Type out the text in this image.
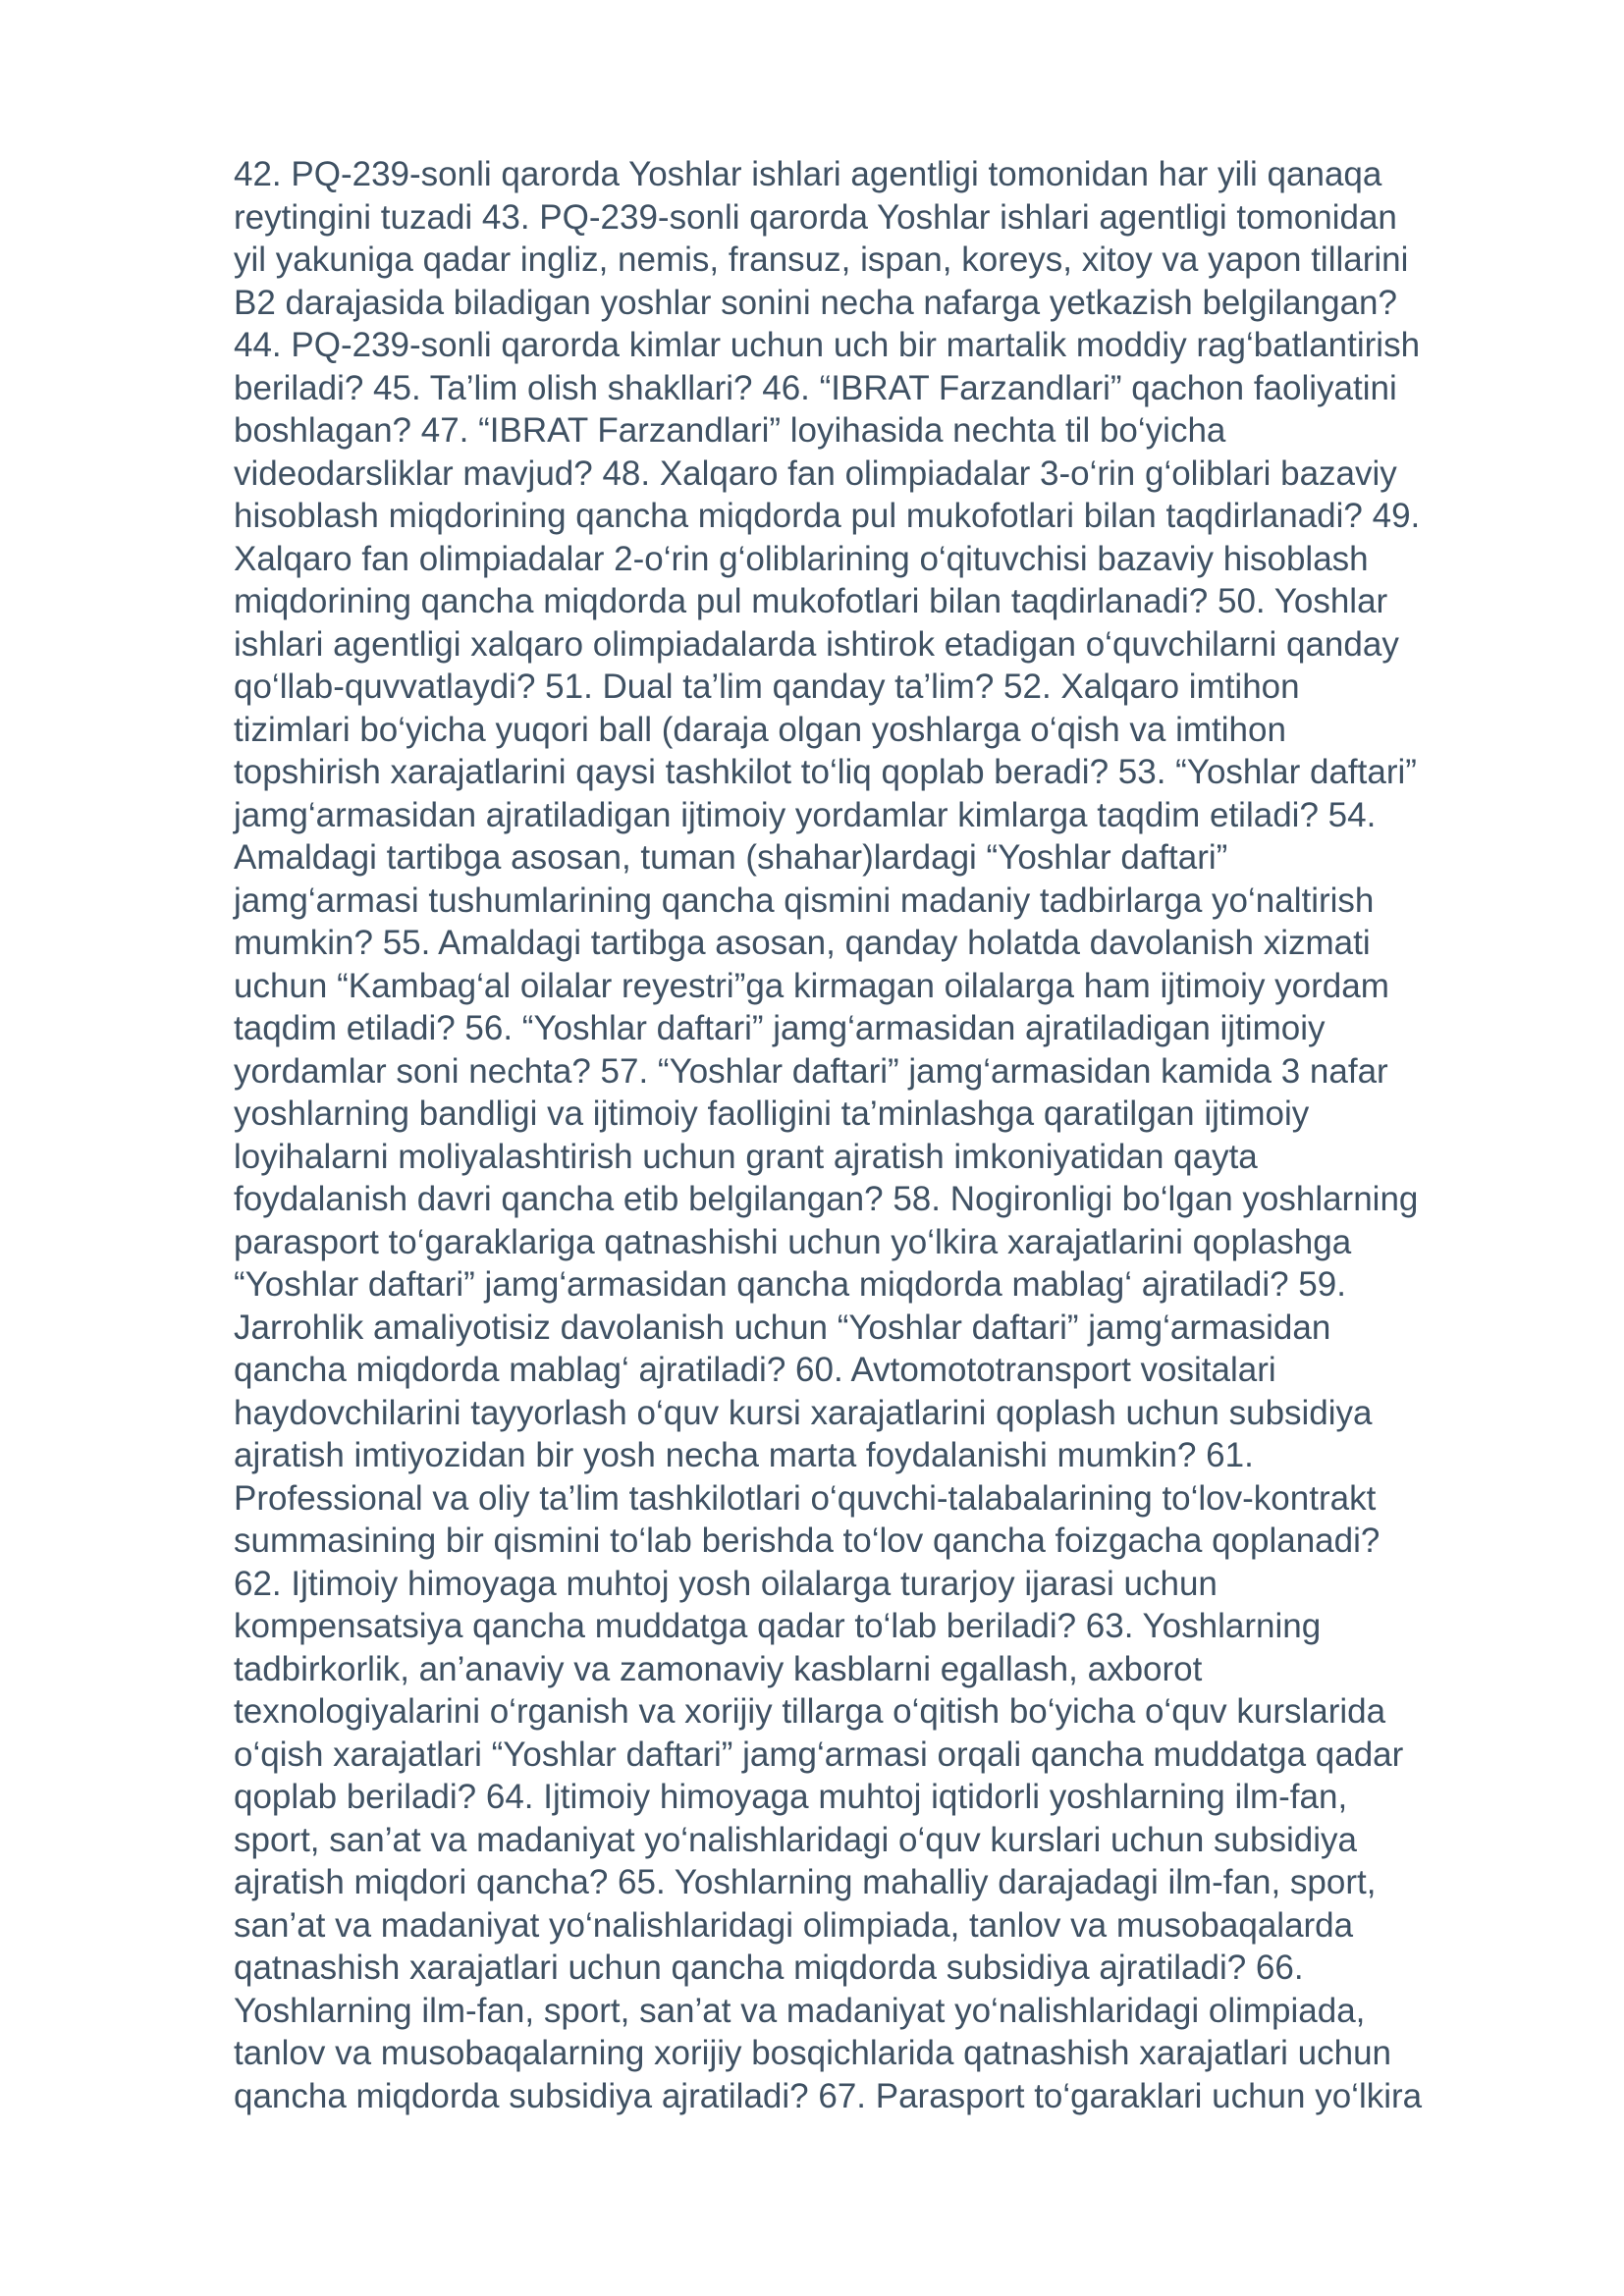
42. PQ-239-sonli qarorda Yoshlar ishlari agentligi tomonidan har yili qanaqa
reytingini tuzadi 43. PQ-239-sonli qarorda Yoshlar ishlari agentligi tomonidan
yil yakuniga qadar ingliz, nemis, fransuz, ispan, koreys, xitoy va yapon tillarini
B2 darajasida biladigan yoshlar sonini necha nafarga yetkazish belgilangan?
44. PQ-239-sonli qarorda kimlar uchun uch bir martalik moddiy rag‘batlantirish
beriladi? 45. Ta’lim olish shakllari? 46. “IBRAT Farzandlari” qachon faoliyatini
boshlagan? 47. “IBRAT Farzandlari” loyihasida nechta til bo‘yicha
videodarsliklar mavjud? 48. Xalqaro fan olimpiadalar 3-o‘rin g‘oliblari bazaviy
hisoblash miqdorining qancha miqdorda pul mukofotlari bilan taqdirlanadi? 49.
Xalqaro fan olimpiadalar 2-o‘rin g‘oliblarining o‘qituvchisi bazaviy hisoblash
miqdorining qancha miqdorda pul mukofotlari bilan taqdirlanadi? 50. Yoshlar
ishlari agentligi xalqaro olimpiadalarda ishtirok etadigan o‘quvchilarni qanday
qo‘llab-quvvatlaydi? 51. Dual ta’lim qanday ta’lim? 52. Xalqaro imtihon
tizimlari bo‘yicha yuqori ball (daraja olgan yoshlarga o‘qish va imtihon
topshirish xarajatlarini qaysi tashkilot to‘liq qoplab beradi? 53. “Yoshlar daftari”
jamg‘armasidan ajratiladigan ijtimoiy yordamlar kimlarga taqdim etiladi? 54.
Amaldagi tartibga asosan, tuman (shahar)lardagi “Yoshlar daftari”
jamg‘armasi tushumlarining qancha qismini madaniy tadbirlarga yo‘naltirish
mumkin? 55. Amaldagi tartibga asosan, qanday holatda davolanish xizmati
uchun “Kambag‘al oilalar reyestri”ga kirmagan oilalarga ham ijtimoiy yordam
taqdim etiladi? 56. “Yoshlar daftari” jamg‘armasidan ajratiladigan ijtimoiy
yordamlar soni nechta? 57. “Yoshlar daftari” jamg‘armasidan kamida 3 nafar
yoshlarning bandligi va ijtimoiy faolligini ta’minlashga qaratilgan ijtimoiy
loyihalarni moliyalashtirish uchun grant ajratish imkoniyatidan qayta
foydalanish davri qancha etib belgilangan? 58. Nogironligi bo‘lgan yoshlarning
parasport to‘garaklariga qatnashishi uchun yo‘lkira xarajatlarini qoplashga
“Yoshlar daftari” jamg‘armasidan qancha miqdorda mablag‘ ajratiladi? 59.
Jarrohlik amaliyotisiz davolanish uchun “Yoshlar daftari” jamg‘armasidan
qancha miqdorda mablag‘ ajratiladi? 60. Avtomototransport vositalari
haydovchilarini tayyorlash o‘quv kursi xarajatlarini qoplash uchun subsidiya
ajratish imtiyozidan bir yosh necha marta foydalanishi mumkin? 61.
Professional va oliy ta’lim tashkilotlari o‘quvchi-talabalarining to‘lov-kontrakt
summasining bir qismini to‘lab berishda to‘lov qancha foizgacha qoplanadi?
62. Ijtimoiy himoyaga muhtoj yosh oilalarga turarjoy ijarasi uchun
kompensatsiya qancha muddatga qadar to‘lab beriladi? 63. Yoshlarning
tadbirkorlik, an’anaviy va zamonaviy kasblarni egallash, axborot
texnologiyalarini o‘rganish va xorijiy tillarga o‘qitish bo‘yicha o‘quv kurslarida
o‘qish xarajatlari “Yoshlar daftari” jamg‘armasi orqali qancha muddatga qadar
qoplab beriladi? 64. Ijtimoiy himoyaga muhtoj iqtidorli yoshlarning ilm-fan,
sport, san’at va madaniyat yo‘nalishlaridagi o‘quv kurslari uchun subsidiya
ajratish miqdori qancha? 65. Yoshlarning mahalliy darajadagi ilm-fan, sport,
san’at va madaniyat yo‘nalishlaridagi olimpiada, tanlov va musobaqalarda
qatnashish xarajatlari uchun qancha miqdorda subsidiya ajratiladi? 66.
Yoshlarning ilm-fan, sport, san’at va madaniyat yo‘nalishlaridagi olimpiada,
tanlov va musobaqalarning xorijiy bosqichlarida qatnashish xarajatlari uchun
qancha miqdorda subsidiya ajratiladi? 67. Parasport to‘garaklari uchun yo‘lkira
